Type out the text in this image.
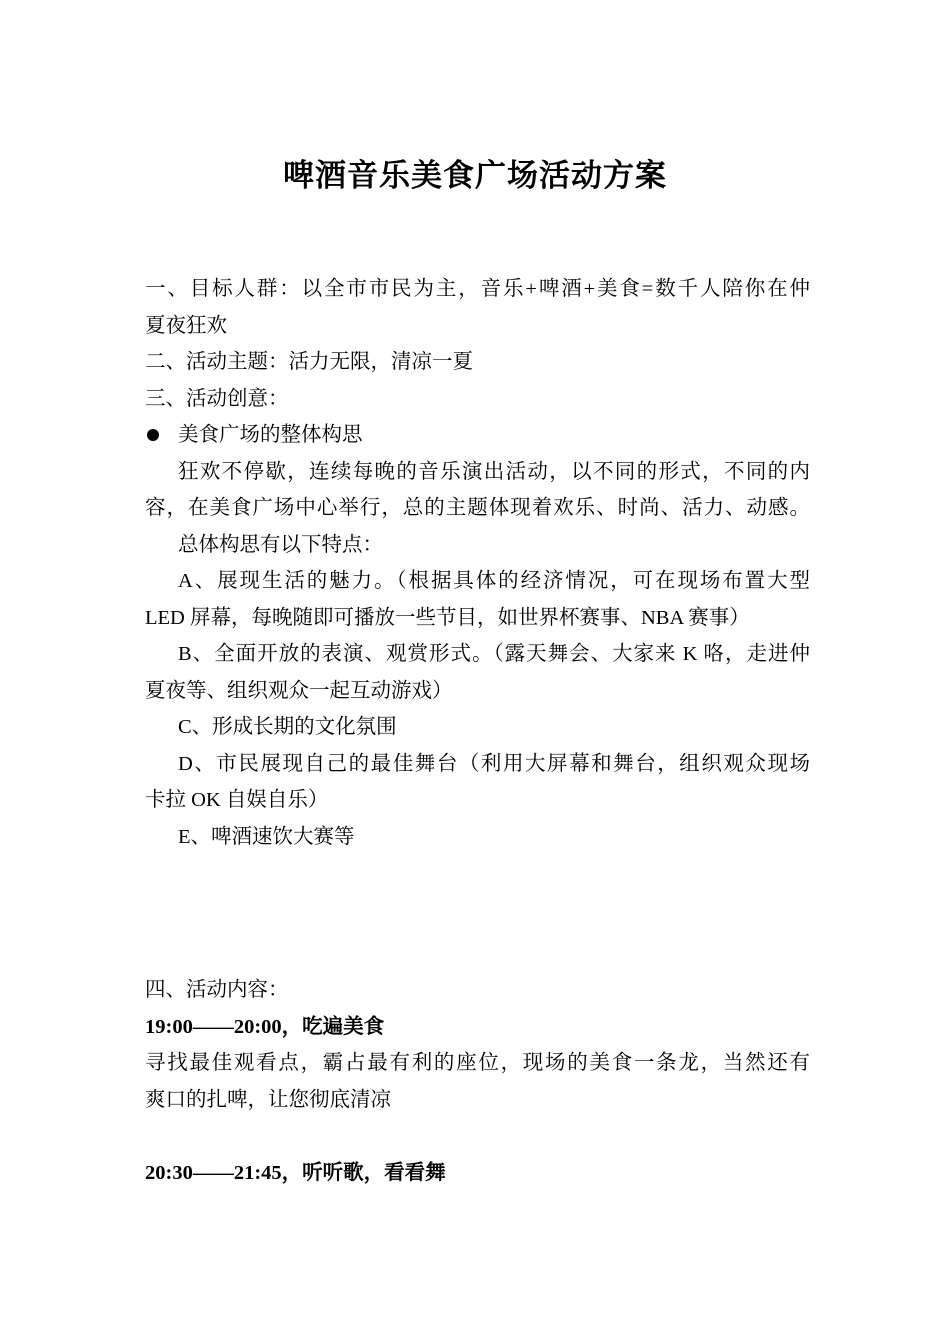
啤酒音乐美食广场活动方案
一、目标人群：以全市市民为主，音乐+啤酒+美食=数千人陪你在仲
夏夜狂欢
二、活动主题：活力无限，清凉一夏
三、活动创意：
美食广场的整体构思
狂欢不停歇，连续每晚的音乐演出活动，以不同的形式，不同的内
容，在美食广场中心举行，总的主题体现着欢乐、时尚、活力、动感。
总体构思有以下特点：
A、展现生活的魅力。（根据具体的经济情况，可在现场布置大型
LED 屏幕，每晚随即可播放一些节目，如世界杯赛事、NBA 赛事）
B、全面开放的表演、观赏形式。（露天舞会、大家来 K 咯，走进仲
夏夜等、组织观众一起互动游戏）
C、形成长期的文化氛围
D、市民展现自己的最佳舞台（利用大屏幕和舞台，组织观众现场
卡拉 OK 自娱自乐）
E、啤酒速饮大赛等
四、活动内容：
19:00——20:00，吃遍美食
寻找最佳观看点，霸占最有利的座位，现场的美食一条龙，当然还有
爽口的扎啤，让您彻底清凉
20:30——21:45，听听歌，看看舞
